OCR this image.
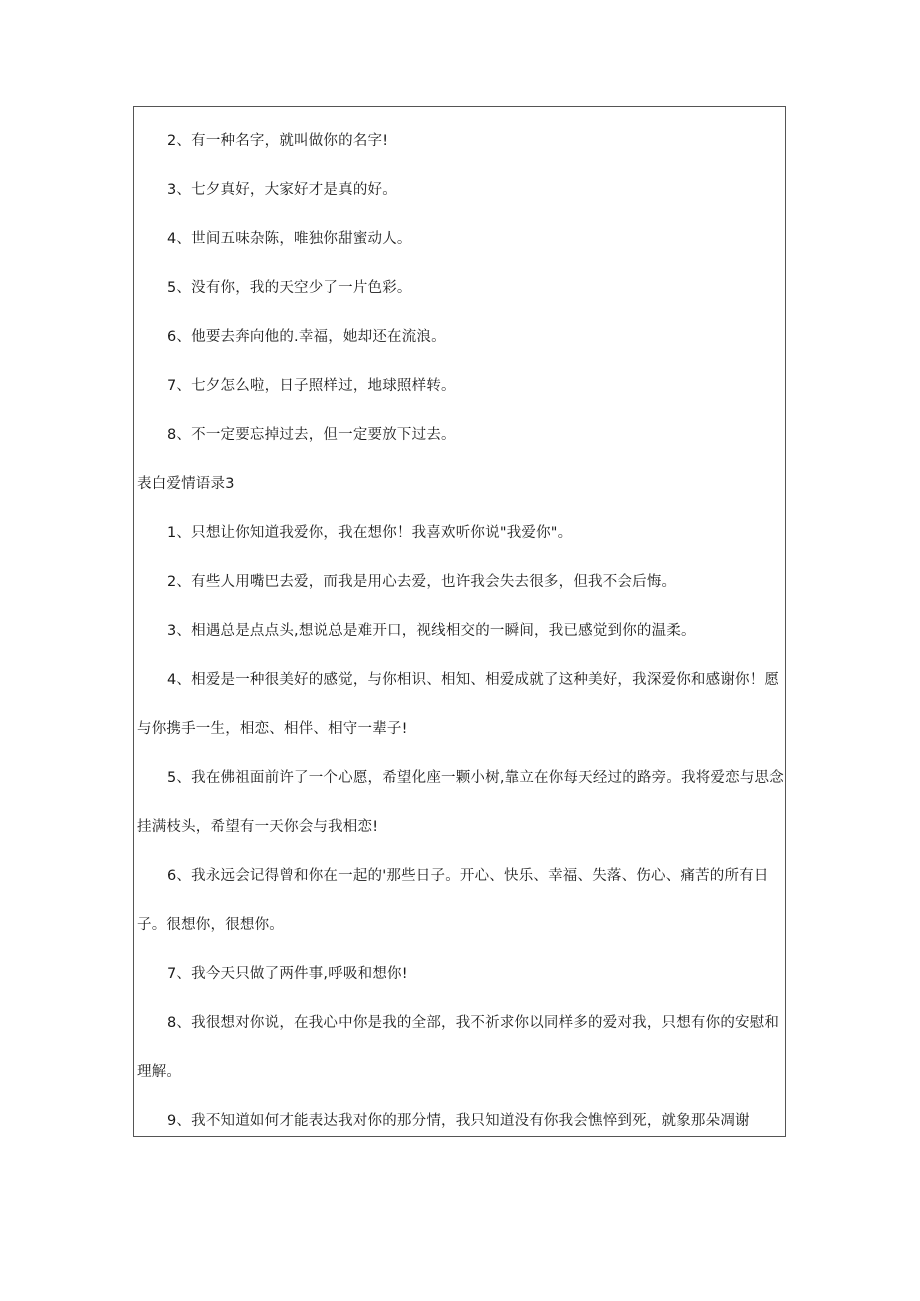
2、有一种名字，就叫做你的名字!
3、七夕真好，大家好才是真的好。
4、世间五味杂陈，唯独你甜蜜动人。
5、没有你，我的天空少了一片色彩。
6、他要去奔向他的.幸福，她却还在流浪。
7、七夕怎么啦，日子照样过，地球照样转。
8、不一定要忘掉过去，但一定要放下过去。
表白爱情语录3
1、只想让你知道我爱你，我在想你！我喜欢听你说"我爱你"。
2、有些人用嘴巴去爱，而我是用心去爱，也许我会失去很多，但我不会后悔。
3、相遇总是点点头,想说总是难开口，视线相交的一瞬间，我已感觉到你的温柔。
4、相爱是一种很美好的感觉，与你相识、相知、相爱成就了这种美好，我深爱你和感谢你！愿
与你携手一生，相恋、相伴、相守一辈子!
5、我在佛祖面前许了一个心愿，希望化座一颗小树,靠立在你每天经过的路旁。我将爱恋与思念
挂满枝头，希望有一天你会与我相恋!
6、我永远会记得曾和你在一起的'那些日子。开心、快乐、幸福、失落、伤心、痛苦的所有日
子。很想你，很想你。
7、我今天只做了两件事,呼吸和想你!
8、我很想对你说，在我心中你是我的全部，我不祈求你以同样多的爱对我，只想有你的安慰和
理解。
9、我不知道如何才能表达我对你的那分情，我只知道没有你我会憔悴到死，就象那朵凋谢
